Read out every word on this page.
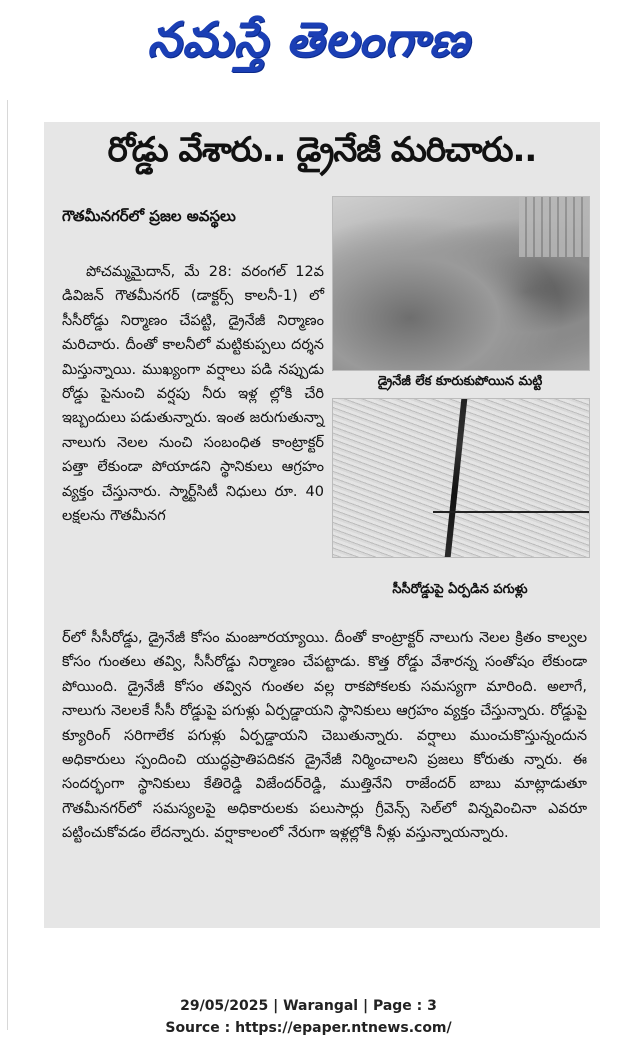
నమస్తే తెలంగాణ
రోడ్డు వేశారు.. డ్రైనేజీ మరిచారు..
గౌతమీనగర్‌లో ప్రజల అవస్థలు
డ్రైనేజీ లేక కూరుకుపోయిన మట్టి
సీసీరోడ్డుపై ఏర్పడిన పగుళ్లు

పోచమ్మమైదాన్‌, మే 28: వరంగల్‌ 12వ డివిజన్‌ గౌతమీనగర్‌ (డాక్టర్స్‌ కాలనీ-1) లో సీసీరోడ్డు నిర్మాణం చేపట్టి, డ్రైనేజీ నిర్మాణం మరిచారు. దీంతో కాలనీలో మట్టికుప్పలు దర్శన మిస్తున్నాయి. ముఖ్యంగా వర్షాలు పడి నప్పుడు రోడ్డు పైనుంచి వర్షపు నీరు ఇళ్ల ల్లోకి చేరి ఇబ్బందులు పడుతున్నారు. ఇంత జరుగుతున్నా నాలుగు నెలల నుంచి సంబంధిత కాంట్రాక్టర్‌ పత్తా లేకుండా పోయాడని స్థానికులు ఆగ్రహం వ్యక్తం చేస్తునారు. స్మార్ట్‌సిటీ నిధులు రూ. 40 లక్షలను గౌతమీనగ

ర్‌లో సీసీరోడ్డు, డ్రైనేజీ కోసం మంజూరయ్యాయి. దీంతో కాంట్రాక్టర్‌ నాలుగు నెలల క్రితం కాల్వల కోసం గుంతలు తవ్వి, సీసీరోడ్డు నిర్మాణం చేపట్టాడు. కొత్త రోడ్డు వేశారన్న సంతోషం లేకుండా పోయింది. డ్రైనేజీ కోసం తవ్విన గుంతల వల్ల రాకపోకలకు సమస్యగా మారింది. అలాగే, నాలుగు నెలలకే సీసీ రోడ్డుపై పగుళ్లు ఏర్పడ్డాయని స్థానికులు ఆగ్రహం వ్యక్తం చేస్తున్నారు. రోడ్డుపై క్యూరింగ్‌ సరిగాలేక పగుళ్లు ఏర్పడ్డాయని చెబుతున్నారు. వర్షాలు ముంచుకొస్తున్నందున అధికారులు స్పందించి యుద్ధప్రాతిపదికన డ్రైనేజీ నిర్మించాలని ప్రజలు కోరుతు న్నారు. ఈ సందర్భంగా స్థానికులు కేతిరెడ్డి విజేందర్‌రెడ్డి, ముత్తినేని రాజేందర్‌ బాబు మాట్లాడుతూ గౌతమీనగర్‌లో సమస్యలపై అధికారులకు పలుసార్లు గ్రీవెన్స్‌ సెల్‌లో విన్నవించినా ఎవరూ పట్టించుకోవడం లేదన్నారు. వర్షాకాలంలో నేరుగా ఇళ్లల్లోకి నీళ్లు వస్తున్నాయన్నారు.

29/05/2025 | Warangal | Page : 3
Source : https://epaper.ntnews.com/
